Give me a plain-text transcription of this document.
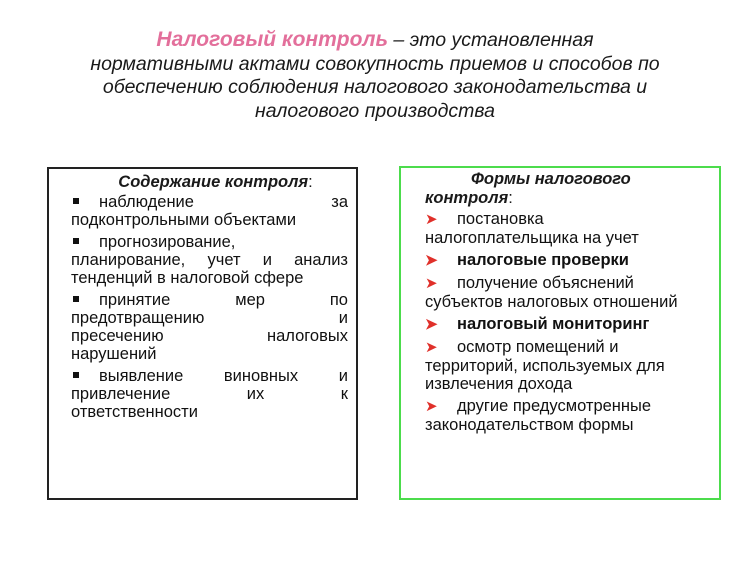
Налоговый контроль – это установленная
нормативными актами совокупность приемов и способов по
обеспечению соблюдения налогового законодательства и
налогового производства
Содержание контроля:
наблюдение	за
подконтрольными объектами
прогнозирование,
планирование, учет и анализ
тенденций в налоговой сфере
принятие	мер	по
предотвращению	и
пресечению	налоговых
нарушений
выявление виновных и
привлечение	их	к
ответственности
Формы налогового
контроля:
➤ постановка
налогоплательщика на учет
➤ налоговые проверки
➤ получение объяснений
субъектов налоговых отношений
➤ налоговый мониторинг
➤ осмотр помещений и
территорий, используемых для
извлечения дохода
➤ другие предусмотренные
законодательством формы
